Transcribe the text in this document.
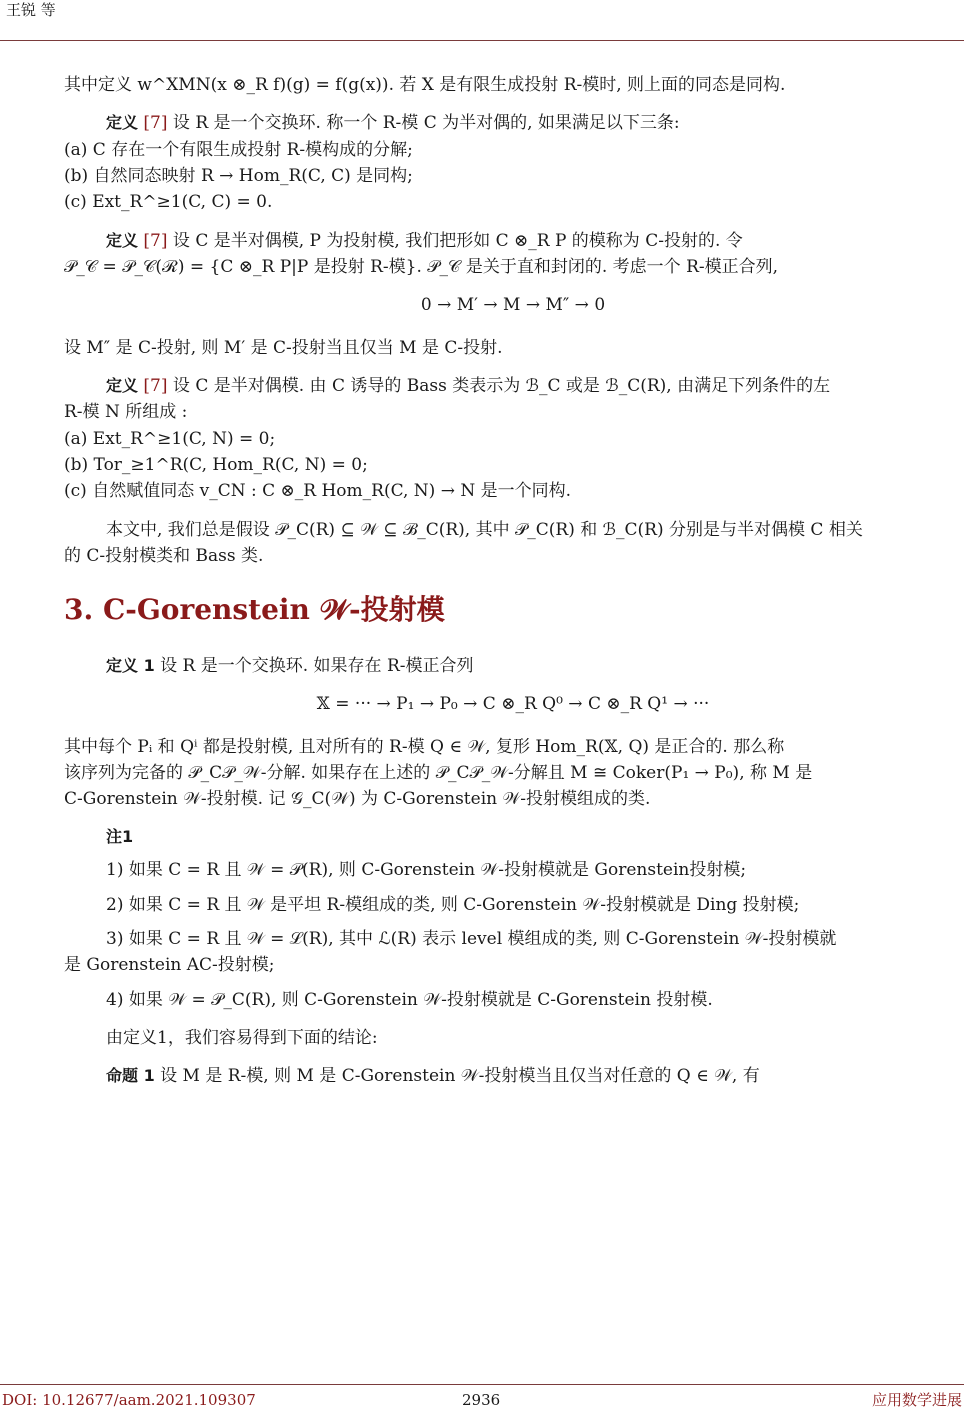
王锐 等

其中定义 w^XMN(x ⊗_R f)(g) = f(g(x)). 若 X 是有限生成投射 R-模时, 则上面的同态是同构.

定义 [7] 设 R 是一个交换环. 称一个 R-模 C 为半对偶的, 如果满足以下三条:

(a) C 存在一个有限生成投射 R-模构成的分解;

(b) 自然同态映射 R → Hom_R(C, C) 是同构;

(c) Ext_R^≥1(C, C) = 0.

定义 [7] 设 C 是半对偶模, P 为投射模, 我们把形如 C ⊗_R P 的模称为 C-投射的. 令

𝒫_𝒞 = 𝒫_𝒞(ℛ) = {C ⊗_R P|P 是投射 R-模}. 𝒫_𝒞 是关于直和封闭的. 考虑一个 R-模正合列,

0 → M′ → M → M″ → 0

设 M″ 是 C-投射, 则 M′ 是 C-投射当且仅当 M 是 C-投射.

定义 [7] 设 C 是半对偶模. 由 C 诱导的 Bass 类表示为 ℬ_C 或是 ℬ_C(R), 由满足下列条件的左

R-模 N 所组成 :

(a) Ext_R^≥1(C, N) = 0;

(b) Tor_≥1^R(C, Hom_R(C, N) = 0;

(c) 自然赋值同态 v_CN : C ⊗_R Hom_R(C, N) → N 是一个同构.

本文中, 我们总是假设 𝒫_C(R) ⊆ 𝒲 ⊆ ℬ_C(R), 其中 𝒫_C(R) 和 ℬ_C(R) 分别是与半对偶模 C 相关

的 C-投射模类和 Bass 类.

3. C-Gorenstein 𝒲-投射模

定义 1 设 R 是一个交换环. 如果存在 R-模正合列

𝕏 = ··· → P₁ → P₀ → C ⊗_R Q⁰ → C ⊗_R Q¹ → ···

其中每个 Pᵢ 和 Qⁱ 都是投射模, 且对所有的 R-模 Q ∈ 𝒲, 复形 Hom_R(𝕏, Q) 是正合的. 那么称

该序列为完备的 𝒫_C𝒫_𝒲-分解. 如果存在上述的 𝒫_C𝒫_𝒲-分解且 M ≅ Coker(P₁ → P₀), 称 M 是

C-Gorenstein 𝒲-投射模. 记 𝒢_C(𝒲) 为 C-Gorenstein 𝒲-投射模组成的类.

注1

1) 如果 C = R 且 𝒲 = 𝒫(R), 则 C-Gorenstein 𝒲-投射模就是 Gorenstein投射模;

2) 如果 C = R 且 𝒲 是平坦 R-模组成的类, 则 C-Gorenstein 𝒲-投射模就是 Ding 投射模;

3) 如果 C = R 且 𝒲 = ℒ(R), 其中 ℒ(R) 表示 level 模组成的类, 则 C-Gorenstein 𝒲-投射模就

是 Gorenstein AC-投射模;

4) 如果 𝒲 = 𝒫_C(R), 则 C-Gorenstein 𝒲-投射模就是 C-Gorenstein 投射模.

由定义1，我们容易得到下面的结论:

命题 1 设 M 是 R-模, 则 M 是 C-Gorenstein 𝒲-投射模当且仅当对任意的 Q ∈ 𝒲, 有

DOI: 10.12677/aam.2021.109307	2936	应用数学进展
